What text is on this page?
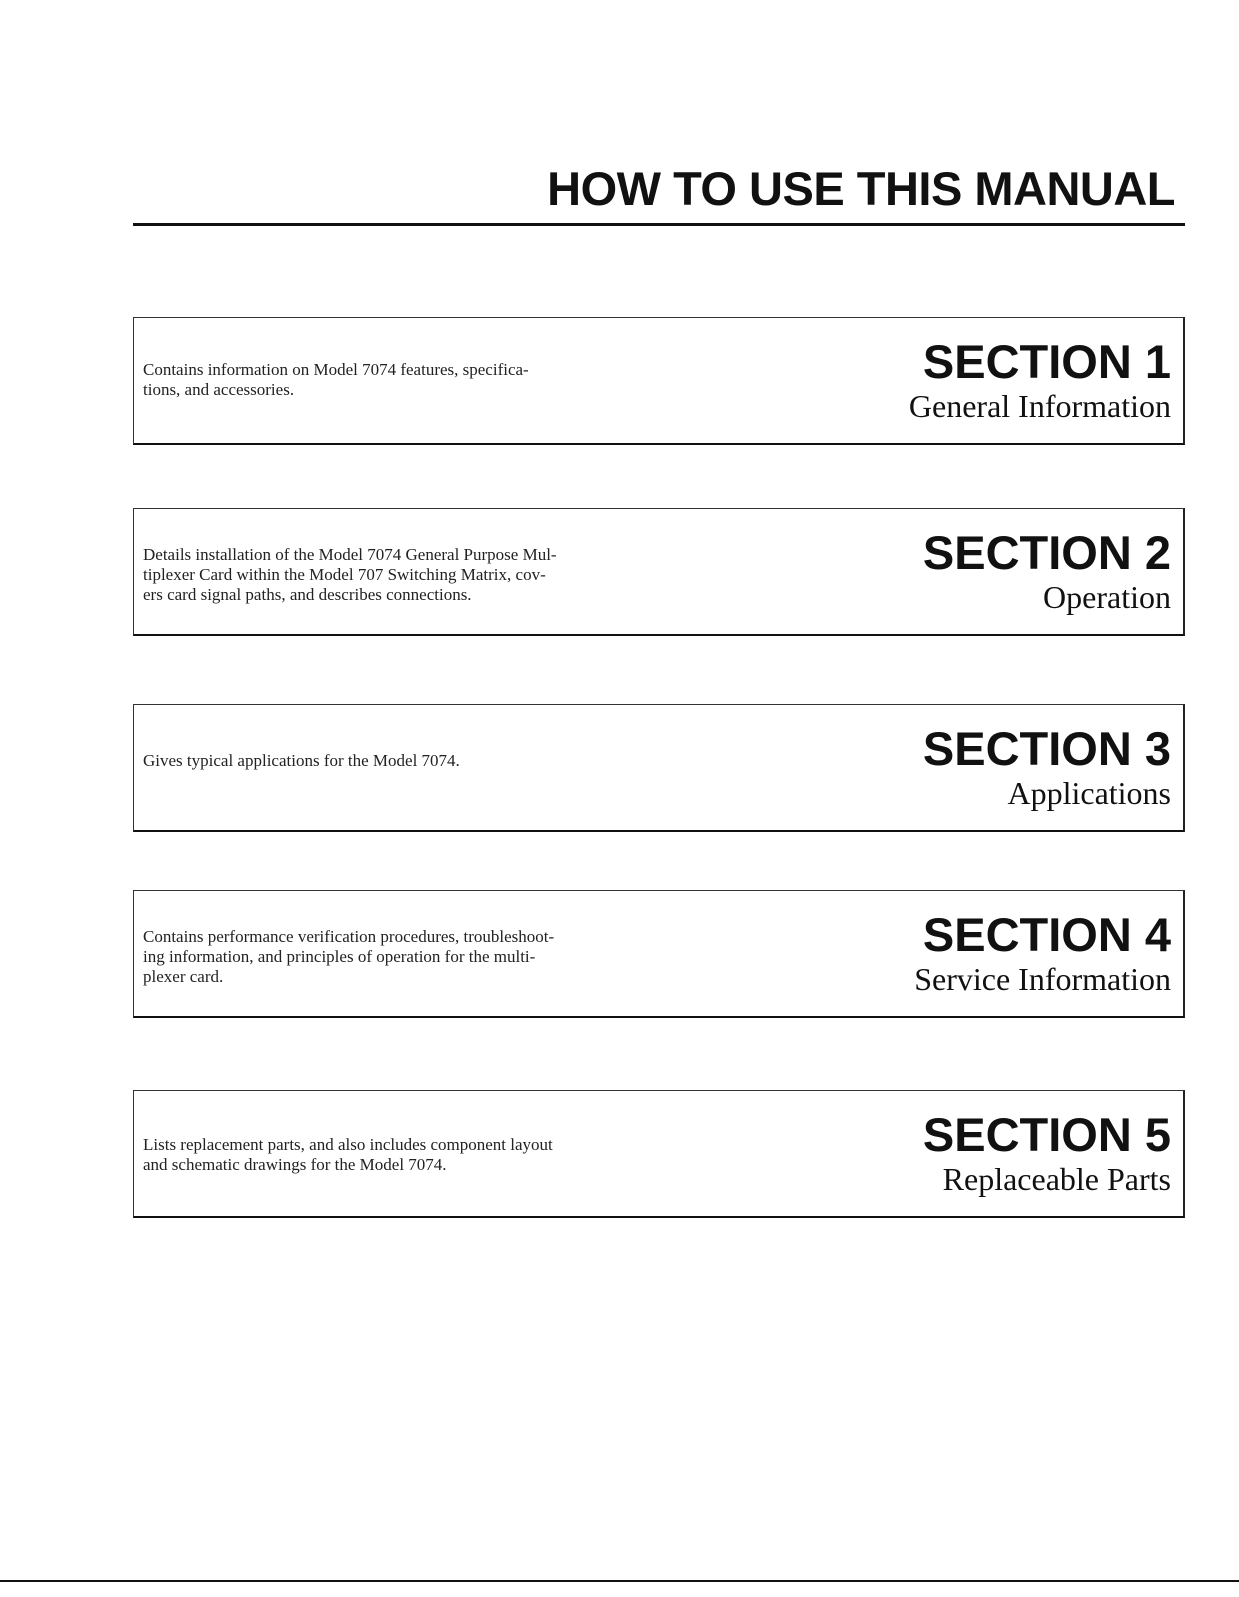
HOW TO USE THIS MANUAL
Contains information on Model 7074 features, specifica-
tions, and accessories.
SECTION 1
General Information
Details installation of the Model 7074 General Purpose Mul-
tiplexer Card within the Model 707 Switching Matrix, cov-
ers card signal paths, and describes connections.
SECTION 2
Operation
Gives typical applications for the Model 7074.	SECTION 3
Applications
Contains performance verification procedures, troubleshoot-
ing information, and principles of operation for the multi-
plexer card.
SECTION 4
Service Information
Lists replacement parts, and also includes component layout
and schematic drawings for the Model 7074.
SECTION 5
Replaceable Parts
